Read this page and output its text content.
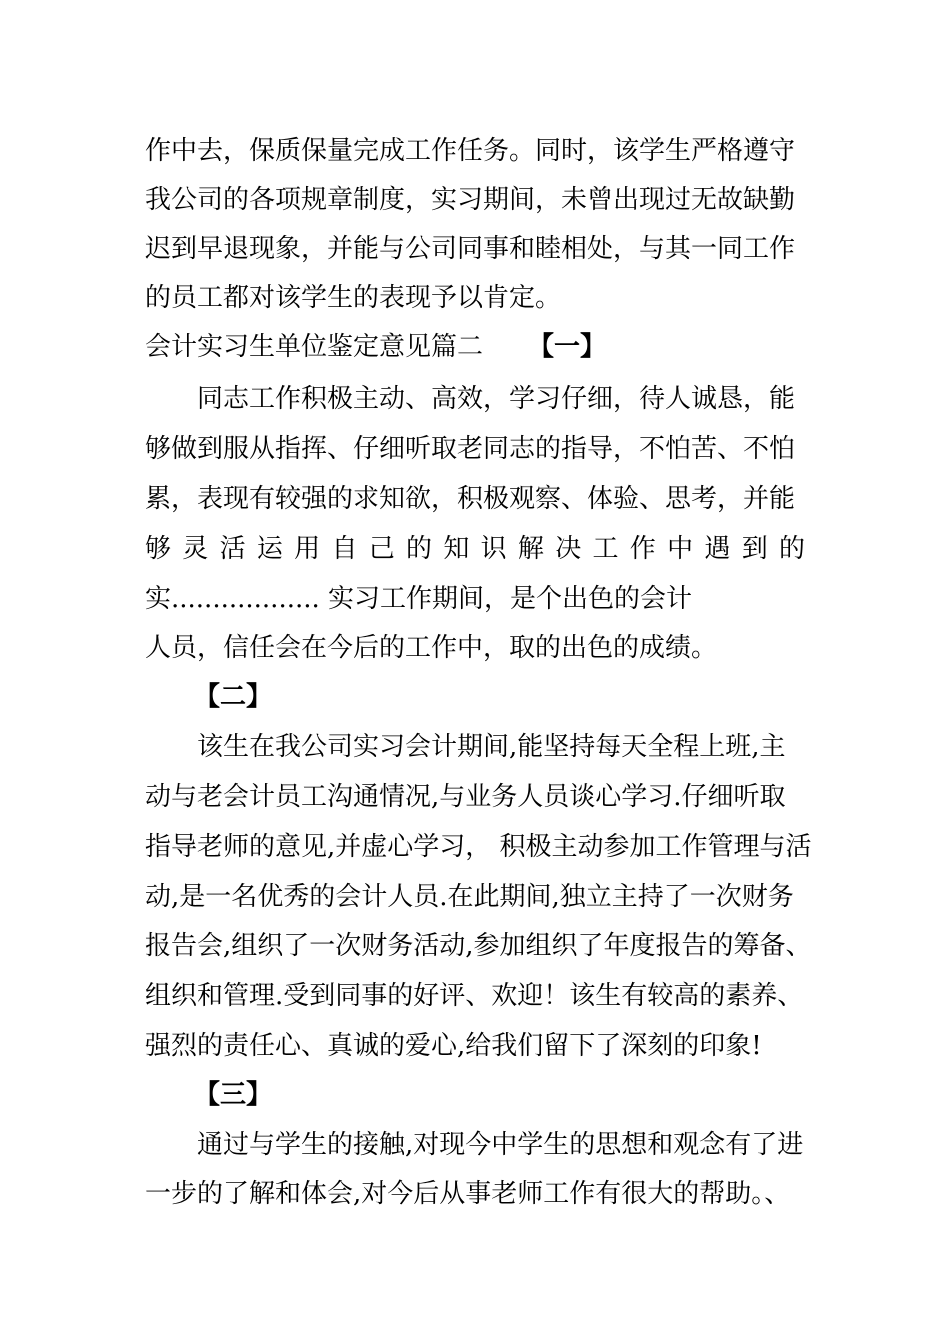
作中去，保质保量完成工作任务。同时，该学生严格遵守
我公司的各项规章制度，实习期间，未曾出现过无故缺勤
迟到早退现象，并能与公司同事和睦相处，与其一同工作
的员工都对该学生的表现予以肯定。
会计实习生单位鉴定意见篇二 【一】
同志工作积极主动、高效，学习仔细，待人诚恳，能
够做到服从指挥、仔细听取老同志的指导，不怕苦、不怕
累，表现有较强的求知欲，积极观察、体验、思考，并能
够灵活运用自己的知识解决工作中遇到的
实.................. 实习工作期间，是个出色的会计
人员，信任会在今后的工作中，取的出色的成绩。
【二】
该生在我公司实习会计期间,能坚持每天全程上班,主
动与老会计员工沟通情况,与业务人员谈心学习.仔细听取
指导老师的意见,并虚心学习， 积极主动参加工作管理与活
动,是一名优秀的会计人员.在此期间,独立主持了一次财务
报告会,组织了一次财务活动,参加组织了年度报告的筹备、
组织和管理.受到同事的好评、欢迎！该生有较高的素养、
强烈的责任心、真诚的爱心,给我们留下了深刻的印象!
【三】
通过与学生的接触,对现今中学生的思想和观念有了进
一步的了解和体会,对今后从事老师工作有很大的帮助。、
